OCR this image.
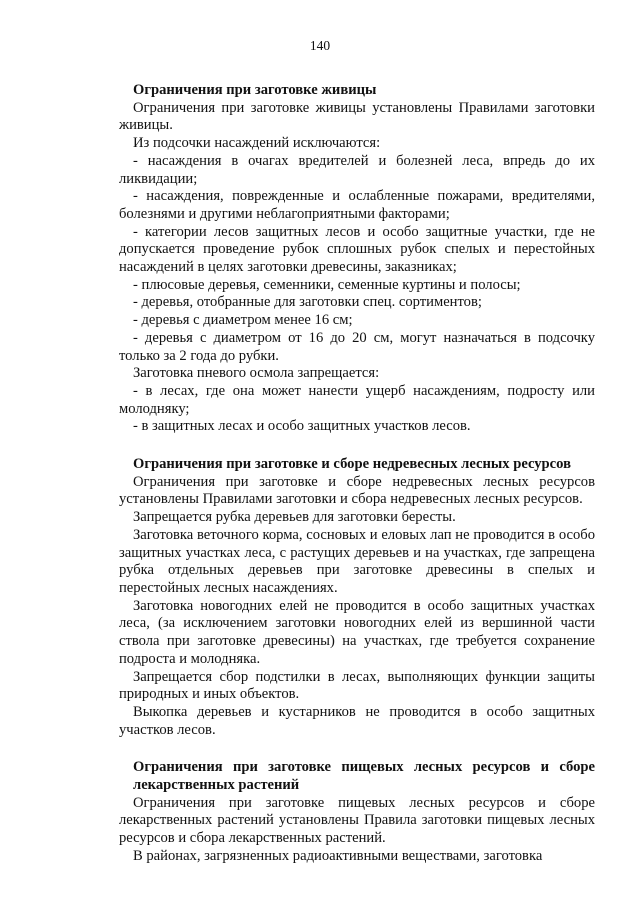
140
Ограничения при заготовке живицы

Ограничения при заготовке живицы установлены Правилами заготовки живицы.

Из подсочки насаждений исключаются:

- насаждения в очагах вредителей и болезней леса, впредь до их ликвидации;

- насаждения, поврежденные и ослабленные пожарами, вредителями, болезнями и другими неблагоприятными факторами;

- категории лесов защитных лесов и особо защитные участки, где не допускается проведение рубок сплошных рубок спелых и перестойных насаждений в целях заготовки древесины, заказниках;

- плюсовые деревья, семенники, семенные куртины и полосы;

- деревья, отобранные для заготовки спец. сортиментов;

- деревья с диаметром менее 16 см;

- деревья с диаметром от 16 до 20 см, могут назначаться в подсочку только за 2 года до рубки.

Заготовка пневого осмола запрещается:

- в лесах, где она может нанести ущерб насаждениям, подросту или молодняку;

- в защитных лесах и особо защитных участков лесов.

Ограничения при заготовке и сборе недревесных лесных ресурсов

Ограничения при заготовке и сборе недревесных лесных ресурсов установлены Правилами заготовки и сбора недревесных лесных ресурсов.

Запрещается рубка деревьев для заготовки бересты.

Заготовка веточного корма, сосновых и еловых лап не проводится в особо защитных участках леса, с растущих деревьев и на участках, где запрещена рубка отдельных деревьев при заготовке древесины в спелых и перестойных лесных насаждениях.

Заготовка новогодних елей не проводится в особо защитных участках леса, (за исключением заготовки новогодних елей из вершинной части ствола при заготовке древесины) на участках, где требуется сохранение подроста и молодняка.

Запрещается сбор подстилки в лесах, выполняющих функции защиты природных и иных объектов.

Выкопка деревьев и кустарников не проводится в особо защитных участков лесов.

Ограничения при заготовке пищевых лесных ресурсов и сборе лекарственных растений

Ограничения при заготовке пищевых лесных ресурсов и сборе лекарственных растений установлены Правила заготовки пищевых лесных ресурсов и сбора лекарственных растений.

В районах, загрязненных радиоактивными веществами, заготовка
